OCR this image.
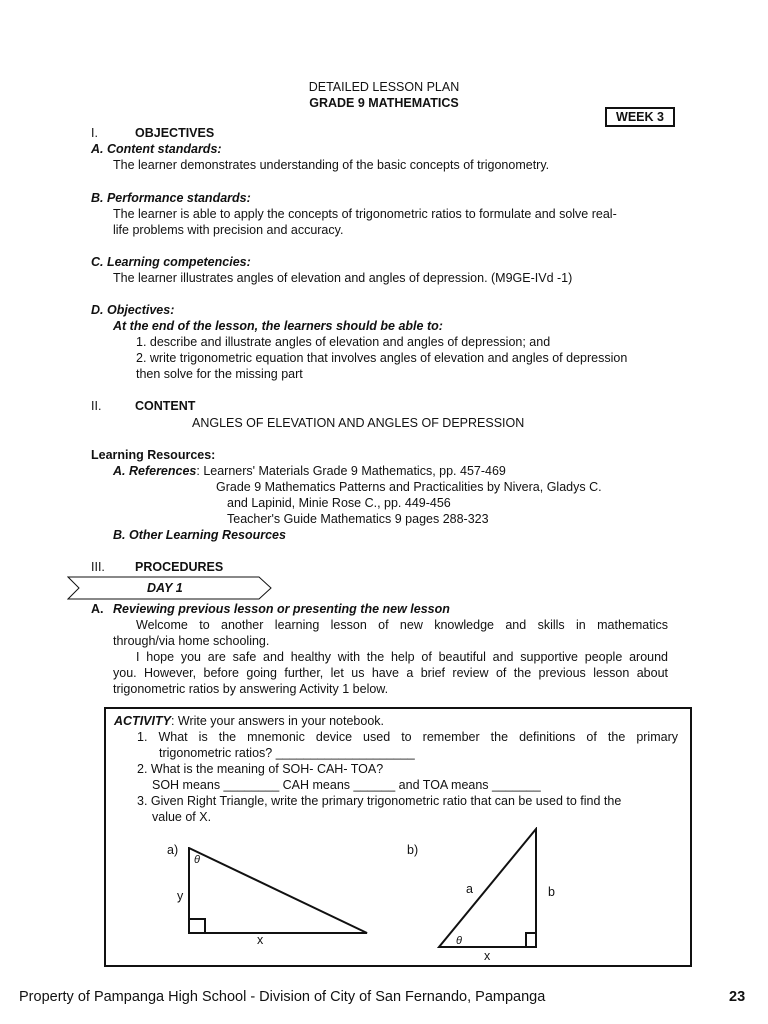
DETAILED LESSON PLAN
GRADE 9 MATHEMATICS
WEEK 3
I.	OBJECTIVES
A. Content standards:
The learner demonstrates understanding of the basic concepts of trigonometry.
B. Performance standards:
The learner is able to apply the concepts of trigonometric ratios to formulate and solve real-
life problems with precision and accuracy.
C. Learning competencies:
The learner illustrates angles of elevation and angles of depression. (M9GE-IVd -1)
D. Objectives:
At the end of the lesson, the learners should be able to:
1. describe and illustrate angles of elevation and angles of depression; and
2. write trigonometric equation that involves angles of elevation and angles of depression
then solve for the missing part
II.	CONTENT
ANGLES OF ELEVATION AND ANGLES OF DEPRESSION
Learning Resources:
A. References: Learners' Materials Grade 9 Mathematics, pp. 457-469
Grade 9 Mathematics Patterns and Practicalities by Nivera, Gladys C.
and Lapinid, Minie Rose C., pp. 449-456
Teacher's Guide Mathematics 9 pages 288-323
B. Other Learning Resources
III. PROCEDURES
DAY 1
A. Reviewing previous lesson or presenting the new lesson
Welcome to another learning lesson of new knowledge and skills in mathematics
through/via home schooling.
I hope you are safe and healthy with the help of beautiful and supportive people around
you. However, before going further, let us have a brief review of the previous lesson about
trigonometric ratios by answering Activity 1 below.
ACTIVITY: Write your answers in your notebook.
1. What is the mnemonic device used to remember the definitions of the primary
trigonometric ratios? ____________________
2. What is the meaning of SOH- CAH- TOA?
SOH means ________ CAH means ______ and TOA means _______
3. Given Right Triangle, write the primary trigonometric ratio that can be used to find the
value of X.
a)
θ
y
x
b)
a	b
θ
x
Property of Pampanga High School - Division of City of San Fernando, Pampanga	23
